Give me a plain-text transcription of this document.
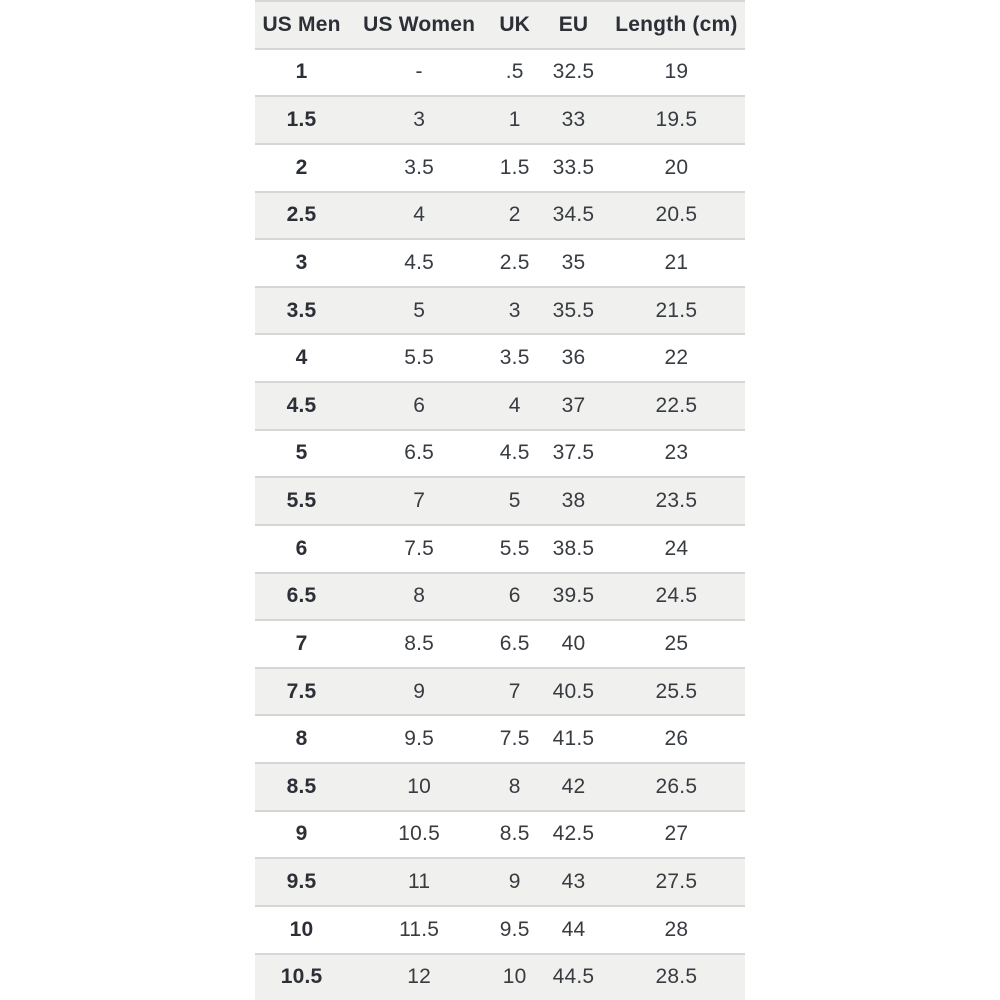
US Men	US Women	UK	EU	Length (cm)
1	-	.5	32.5	19
1.5	3	1	33	19.5
2	3.5	1.5	33.5	20
2.5	4	2	34.5	20.5
3	4.5	2.5	35	21
3.5	5	3	35.5	21.5
4	5.5	3.5	36	22
4.5	6	4	37	22.5
5	6.5	4.5	37.5	23
5.5	7	5	38	23.5
6	7.5	5.5	38.5	24
6.5	8	6	39.5	24.5
7	8.5	6.5	40	25
7.5	9	7	40.5	25.5
8	9.5	7.5	41.5	26
8.5	10	8	42	26.5
9	10.5	8.5	42.5	27
9.5	11	9	43	27.5
10	11.5	9.5	44	28
10.5	12	10	44.5	28.5
